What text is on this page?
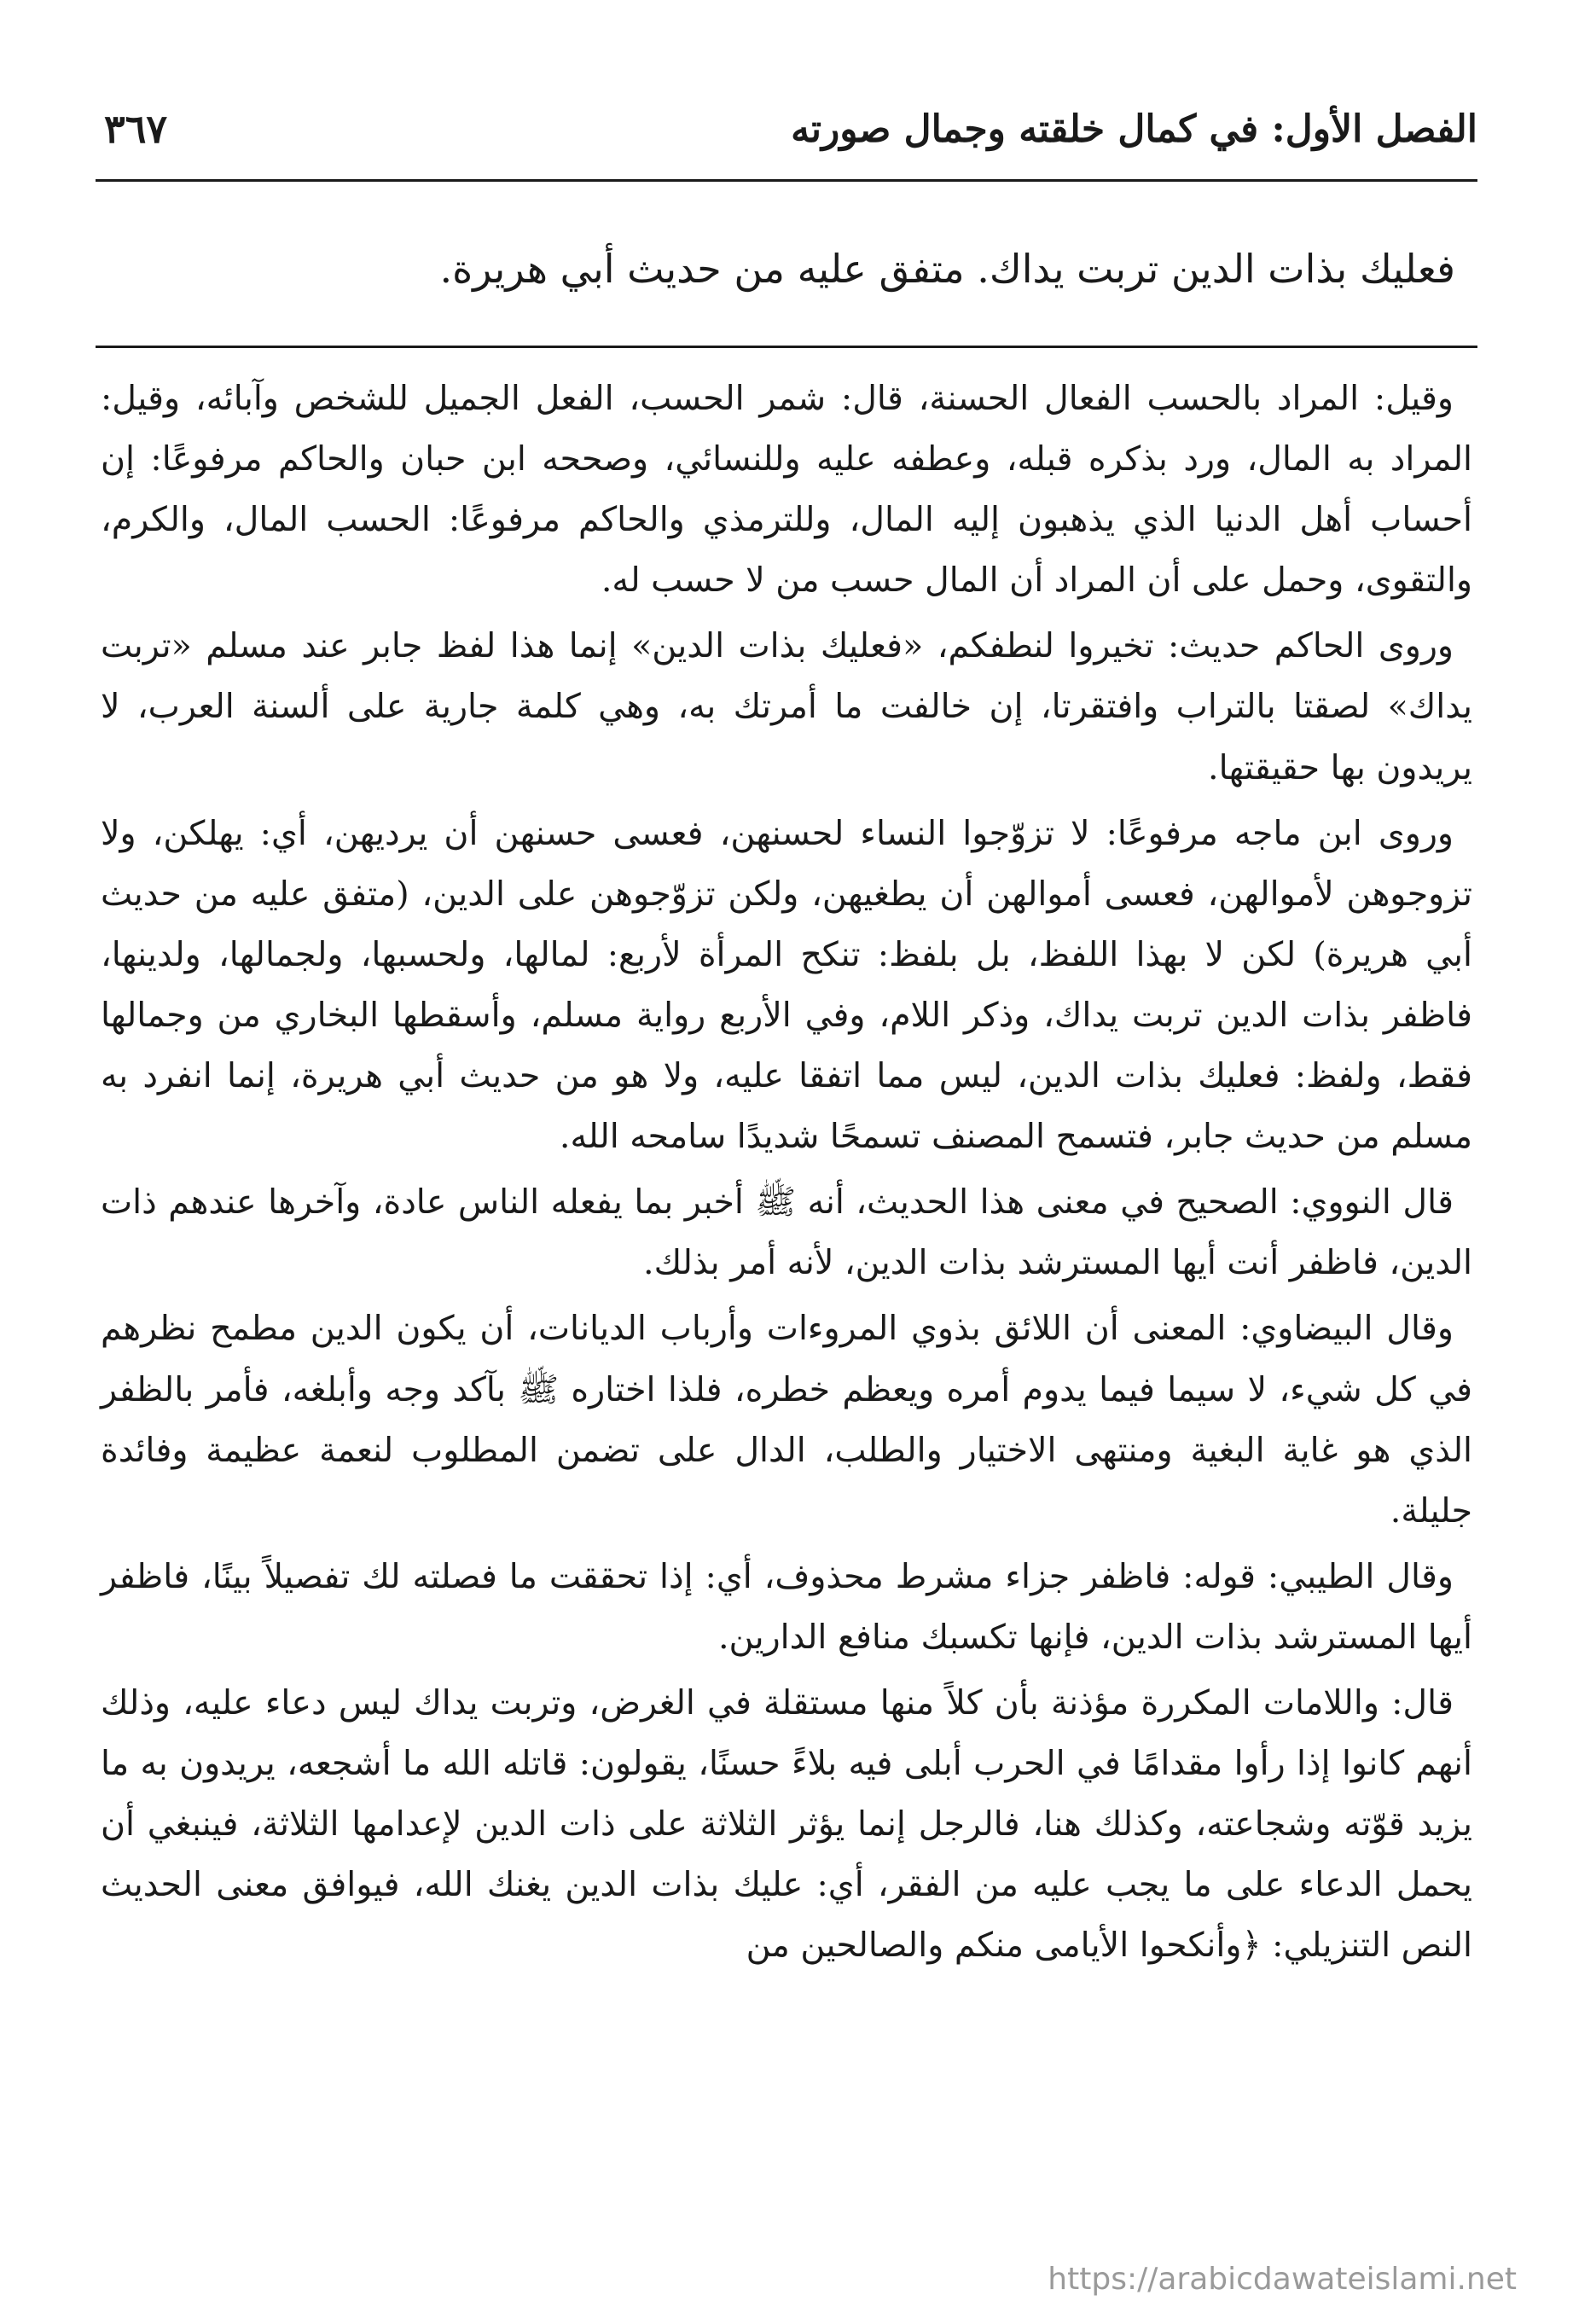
الفصل الأول: في كمال خلقته وجمال صورته
٣٦٧
فعليك بذات الدين تربت يداك. متفق عليه من حديث أبي هريرة.

وقيل: المراد بالحسب الفعال الحسنة، قال: شمر الحسب، الفعل الجميل للشخص وآبائه، وقيل: المراد به المال، ورد بذكره قبله، وعطفه عليه وللنسائي، وصححه ابن حبان والحاكم مرفوعًا: إن أحساب أهل الدنيا الذي يذهبون إليه المال، وللترمذي والحاكم مرفوعًا: الحسب المال، والكرم، والتقوى، وحمل على أن المراد أن المال حسب من لا حسب له.

وروى الحاكم حديث: تخيروا لنطفكم، «فعليك بذات الدين» إنما هذا لفظ جابر عند مسلم «تربت يداك» لصقتا بالتراب وافتقرتا، إن خالفت ما أمرتك به، وهي كلمة جارية على ألسنة العرب، لا يريدون بها حقيقتها.

وروى ابن ماجه مرفوعًا: لا تزوّجوا النساء لحسنهن، فعسى حسنهن أن يرديهن، أي: يهلكن، ولا تزوجوهن لأموالهن، فعسى أموالهن أن يطغيهن، ولكن تزوّجوهن على الدين، (متفق عليه من حديث أبي هريرة) لكن لا بهذا اللفظ، بل بلفظ: تنكح المرأة لأربع: لمالها، ولحسبها، ولجمالها، ولدينها، فاظفر بذات الدين تربت يداك، وذكر اللام، وفي الأربع رواية مسلم، وأسقطها البخاري من وجمالها فقط، ولفظ: فعليك بذات الدين، ليس مما اتفقا عليه، ولا هو من حديث أبي هريرة، إنما انفرد به مسلم من حديث جابر، فتسمح المصنف تسمحًا شديدًا سامحه الله.

قال النووي: الصحيح في معنى هذا الحديث، أنه ﷺ أخبر بما يفعله الناس عادة، وآخرها عندهم ذات الدين، فاظفر أنت أيها المسترشد بذات الدين، لأنه أمر بذلك.

وقال البيضاوي: المعنى أن اللائق بذوي المروءات وأرباب الديانات، أن يكون الدين مطمح نظرهم في كل شيء، لا سيما فيما يدوم أمره ويعظم خطره، فلذا اختاره ﷺ بآكد وجه وأبلغه، فأمر بالظفر الذي هو غاية البغية ومنتهى الاختيار والطلب، الدال على تضمن المطلوب لنعمة عظيمة وفائدة جليلة.

وقال الطيبي: قوله: فاظفر جزاء مشرط محذوف، أي: إذا تحققت ما فصلته لك تفصيلاً بينًا، فاظفر أيها المسترشد بذات الدين، فإنها تكسبك منافع الدارين.

قال: واللامات المكررة مؤذنة بأن كلاً منها مستقلة في الغرض، وتربت يداك ليس دعاء عليه، وذلك أنهم كانوا إذا رأوا مقدامًا في الحرب أبلى فيه بلاءً حسنًا، يقولون: قاتله الله ما أشجعه، يريدون به ما يزيد قوّته وشجاعته، وكذلك هنا، فالرجل إنما يؤثر الثلاثة على ذات الدين لإعدامها الثلاثة، فينبغي أن يحمل الدعاء على ما يجب عليه من الفقر، أي: عليك بذات الدين يغنك الله، فيوافق معنى الحديث النص التنزيلي: ﴿وأنكحوا الأيامى منكم والصالحين من

https://arabicdawateislami.net
